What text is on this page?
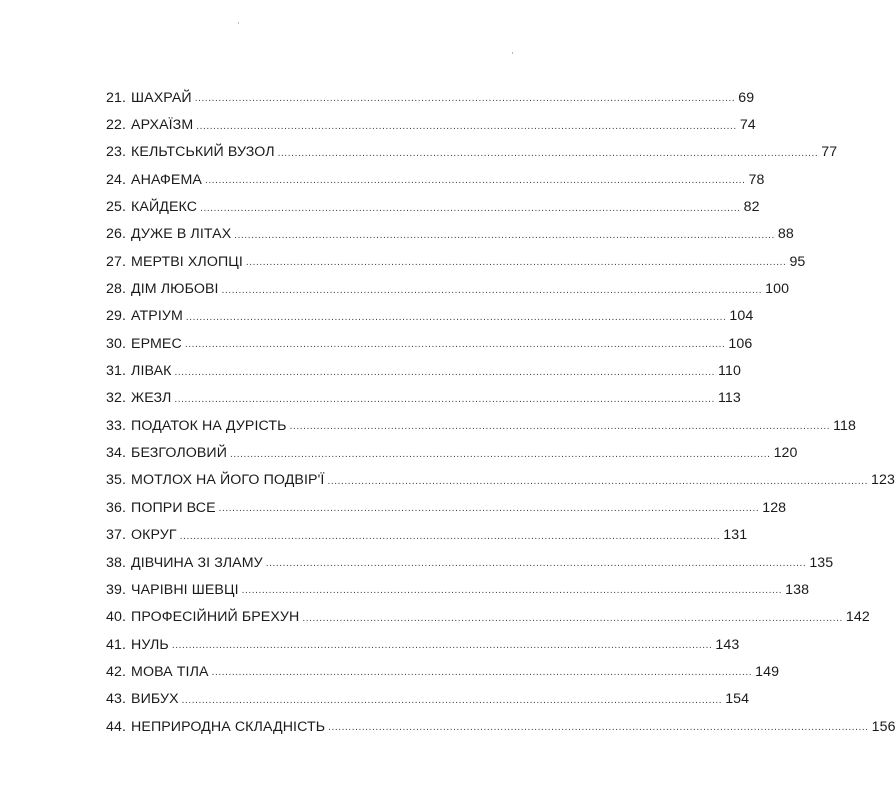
21. ШАХРАЙ ................................................................................................................................................................ 69
22. АРХАЇЗМ ................................................................................................................................................................ 74
23. КЕЛЬТСЬКИЙ ВУЗОЛ ................................................................................................................................................................ 77
24. АНАФЕМА ................................................................................................................................................................ 78
25. КАЙДЕКС ................................................................................................................................................................ 82
26. ДУЖЕ В ЛІТАХ ................................................................................................................................................................ 88
27. МЕРТВІ ХЛОПЦІ ................................................................................................................................................................ 95
28. ДІМ ЛЮБОВІ ................................................................................................................................................................ 100
29. АТРІУМ ................................................................................................................................................................ 104
30. ЕРМЕС ................................................................................................................................................................ 106
31. ЛІВАК ................................................................................................................................................................ 110
32. ЖЕЗЛ ................................................................................................................................................................ 113
33. ПОДАТОК НА ДУРІСТЬ ................................................................................................................................................................ 118
34. БЕЗГОЛОВИЙ ................................................................................................................................................................ 120
35. МОТЛОХ НА ЙОГО ПОДВІР'Ї ................................................................................................................................................................ 123
36. ПОПРИ ВСЕ ................................................................................................................................................................ 128
37. ОКРУГ ................................................................................................................................................................ 131
38. ДІВЧИНА ЗІ ЗЛАМУ ................................................................................................................................................................ 135
39. ЧАРІВНІ ШЕВЦІ ................................................................................................................................................................ 138
40. ПРОФЕСІЙНИЙ БРЕХУН ................................................................................................................................................................ 142
41. НУЛЬ ................................................................................................................................................................ 143
42. МОВА ТІЛА ................................................................................................................................................................ 149
43. ВИБУХ ................................................................................................................................................................ 154
44. НЕПРИРОДНА СКЛАДНІСТЬ ................................................................................................................................................................ 156
